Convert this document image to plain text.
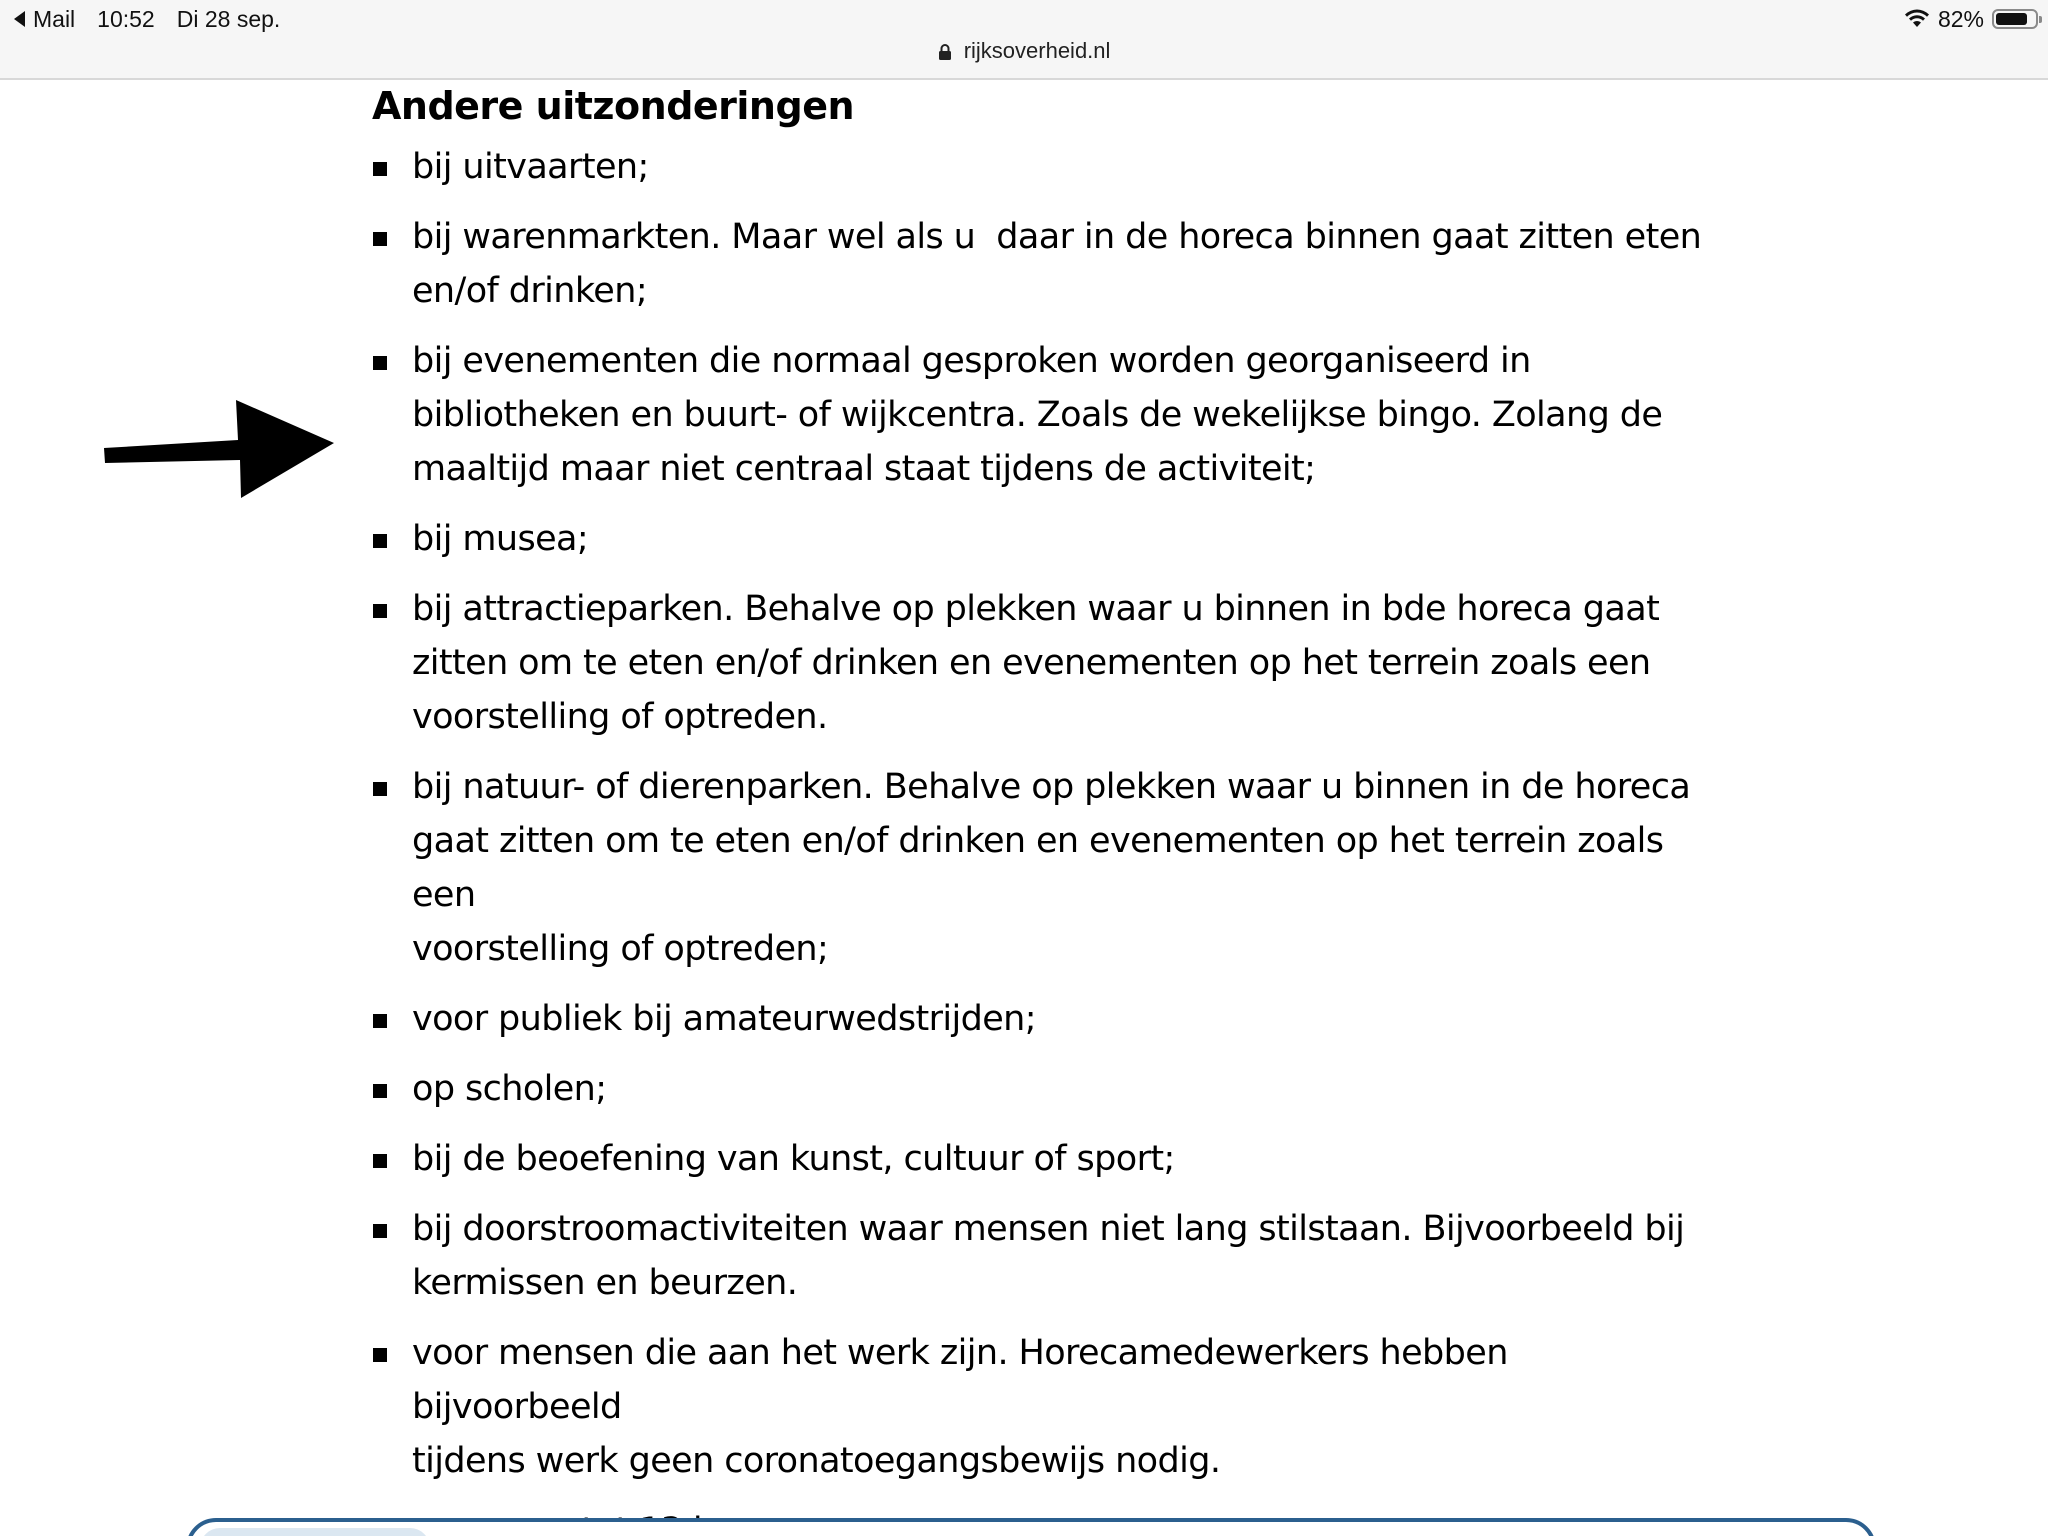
Mail 10:52 Di 28 sep.	82%
rijksoverheid.nl
Andere uitzonderingen
bij uitvaarten;
bij warenmarkten. Maar wel als u  daar in de horeca binnen gaat zitten eten
en/of drinken;
bij evenementen die normaal gesproken worden georganiseerd in
bibliotheken en buurt- of wijkcentra. Zoals de wekelijkse bingo. Zolang de
maaltijd maar niet centraal staat tijdens de activiteit;
bij musea;
bij attractieparken. Behalve op plekken waar u binnen in bde horeca gaat
zitten om te eten en/of drinken en evenementen op het terrein zoals een
voorstelling of optreden.
bij natuur- of dierenparken. Behalve op plekken waar u binnen in de horeca
gaat zitten om te eten en/of drinken en evenementen op het terrein zoals een
voorstelling of optreden;
voor publiek bij amateurwedstrijden;
op scholen;
bij de beoefening van kunst, cultuur of sport;
bij doorstroomactiviteiten waar mensen niet lang stilstaan. Bijvoorbeeld bij
kermissen en beurzen.
voor mensen die aan het werk zijn. Horecamedewerkers hebben bijvoorbeeld
tijdens werk geen coronatoegangsbewijs nodig.
